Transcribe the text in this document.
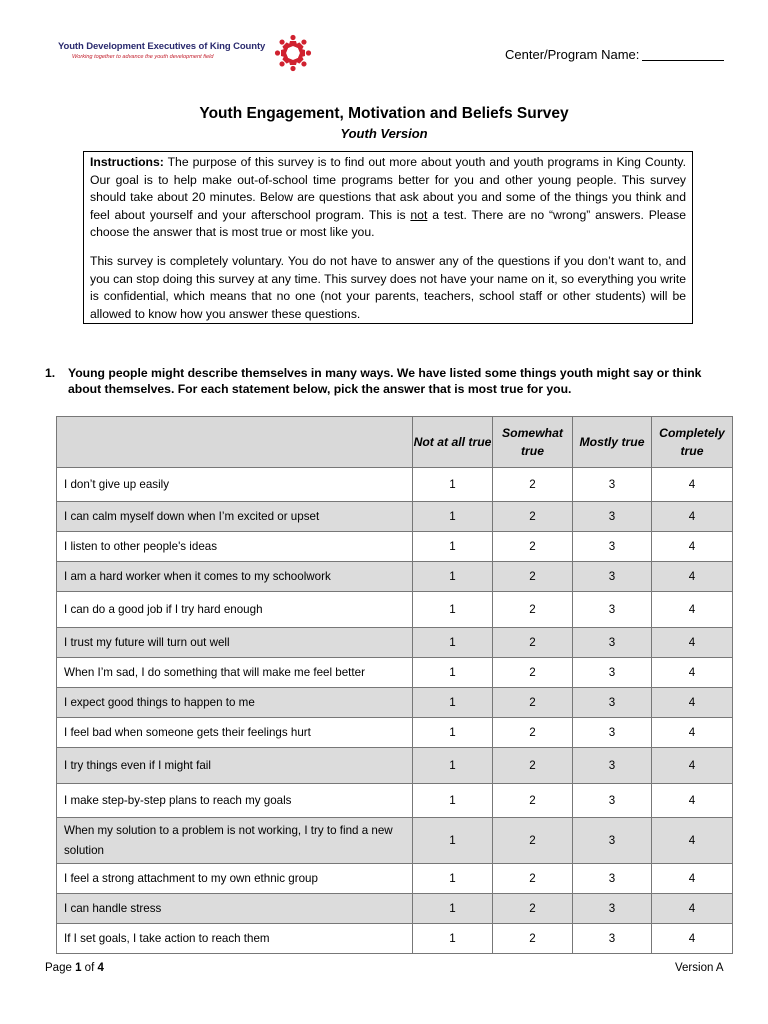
Youth Development Executives of King County
Working together to advance the youth development field	Center/Program Name:
Youth Engagement, Motivation and Beliefs Survey
Youth Version

Instructions: The purpose of this survey is to find out more about youth and youth programs in King County. Our goal is to help make out-of-school time programs better for you and other young people. This survey should take about 20 minutes. Below are questions that ask about you and some of the things you think and feel about yourself and your afterschool program. This is not a test. There are no “wrong” answers. Please choose the answer that is most true or most like you.

This survey is completely voluntary. You do not have to answer any of the questions if you don’t want to, and you can stop doing this survey at any time. This survey does not have your name on it, so everything you write is confidential, which means that no one (not your parents, teachers, school staff or other students) will be allowed to know how you answer these questions.

1. Young people might describe themselves in many ways. We have listed some things youth might say or think about themselves. For each statement below, pick the answer that is most true for you.
	Not at all true	Somewhat true	Mostly true	Completely true
I don’t give up easily	1	2	3	4
I can calm myself down when I’m excited or upset	1	2	3	4
I listen to other people's ideas	1	2	3	4
I am a hard worker when it comes to my schoolwork	1	2	3	4
I can do a good job if I try hard enough	1	2	3	4
I trust my future will turn out well	1	2	3	4
When I’m sad, I do something that will make me feel better	1	2	3	4
I expect good things to happen to me	1	2	3	4
I feel bad when someone gets their feelings hurt	1	2	3	4
I try things even if I might fail	1	2	3	4
I make step-by-step plans to reach my goals	1	2	3	4
When my solution to a problem is not working, I try to find a new solution	1	2	3	4
I feel a strong attachment to my own ethnic group	1	2	3	4
I can handle stress	1	2	3	4
If I set goals, I take action to reach them	1	2	3	4
Page 1 of 4	Version A
